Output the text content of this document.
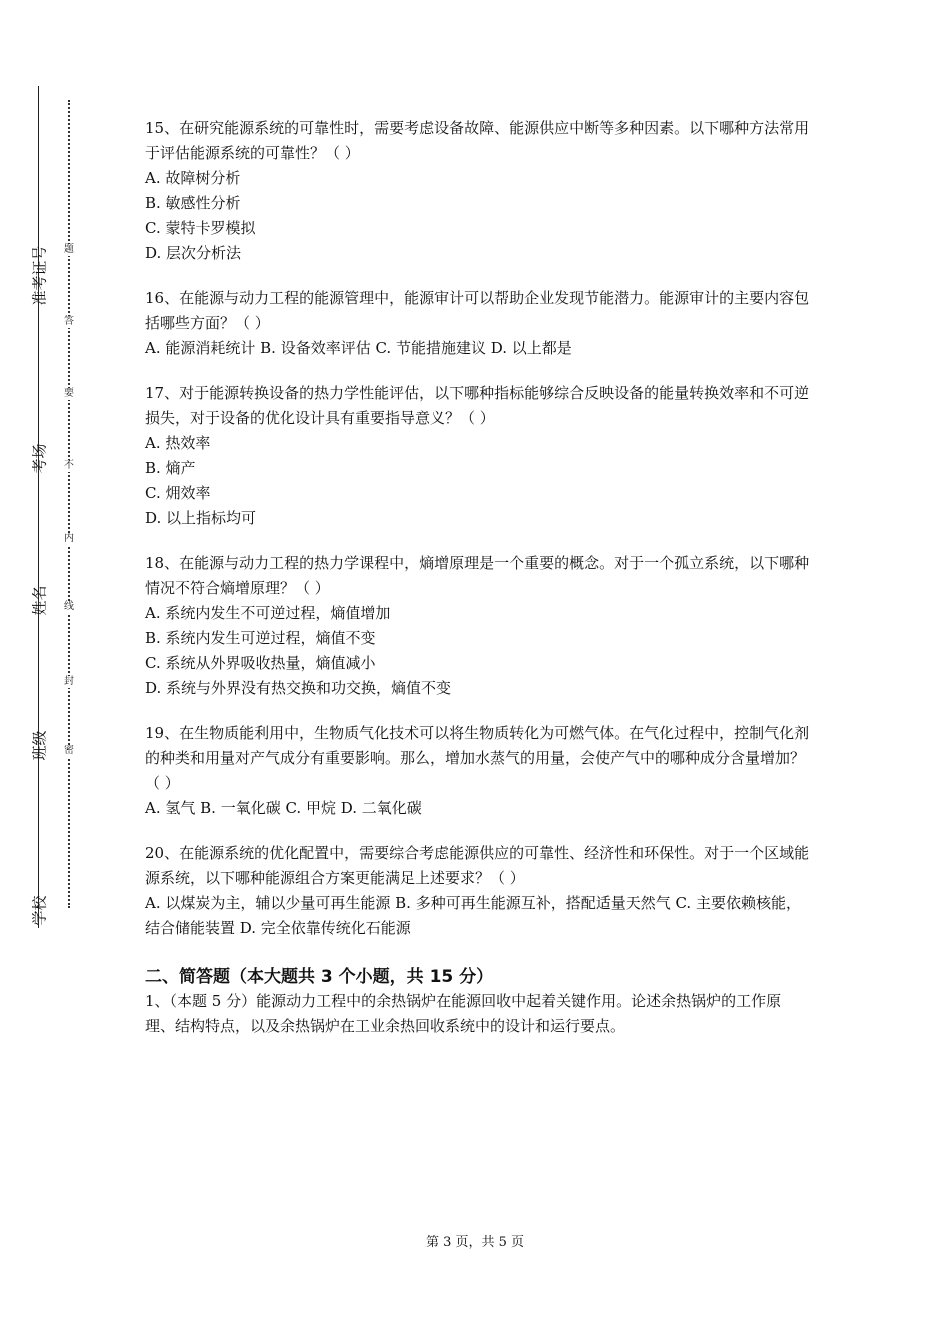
学校
班级
姓名
考场
准考证号
密
封
线
内
不
要
答
题

15、在研究能源系统的可靠性时，需要考虑设备故障、能源供应中断等多种因素。以下哪种方法常用于评估能源系统的可靠性？（ ）

A. 故障树分析

B. 敏感性分析

C. 蒙特卡罗模拟

D. 层次分析法

16、在能源与动力工程的能源管理中，能源审计可以帮助企业发现节能潜力。能源审计的主要内容包括哪些方面？（ ）

A. 能源消耗统计 B. 设备效率评估 C. 节能措施建议 D. 以上都是

17、对于能源转换设备的热力学性能评估，以下哪种指标能够综合反映设备的能量转换效率和不可逆损失，对于设备的优化设计具有重要指导意义？（ ）

A. 热效率

B. 熵产

C. 㶲效率

D. 以上指标均可

18、在能源与动力工程的热力学课程中，熵增原理是一个重要的概念。对于一个孤立系统，以下哪种情况不符合熵增原理？（ ）

A. 系统内发生不可逆过程，熵值增加

B. 系统内发生可逆过程，熵值不变

C. 系统从外界吸收热量，熵值减小

D. 系统与外界没有热交换和功交换，熵值不变

19、在生物质能利用中，生物质气化技术可以将生物质转化为可燃气体。在气化过程中，控制气化剂的种类和用量对产气成分有重要影响。那么，增加水蒸气的用量，会使产气中的哪种成分含量增加？（ ）

A. 氢气 B. 一氧化碳 C. 甲烷 D. 二氧化碳

20、在能源系统的优化配置中，需要综合考虑能源供应的可靠性、经济性和环保性。对于一个区域能源系统，以下哪种能源组合方案更能满足上述要求？（ ）

A. 以煤炭为主，辅以少量可再生能源 B. 多种可再生能源互补，搭配适量天然气 C. 主要依赖核能，结合储能装置 D. 完全依靠传统化石能源

二、简答题（本大题共 3 个小题，共 15 分）

1、（本题 5 分）能源动力工程中的余热锅炉在能源回收中起着关键作用。论述余热锅炉的工作原理、结构特点，以及余热锅炉在工业余热回收系统中的设计和运行要点。

第 3 页，共 5 页
